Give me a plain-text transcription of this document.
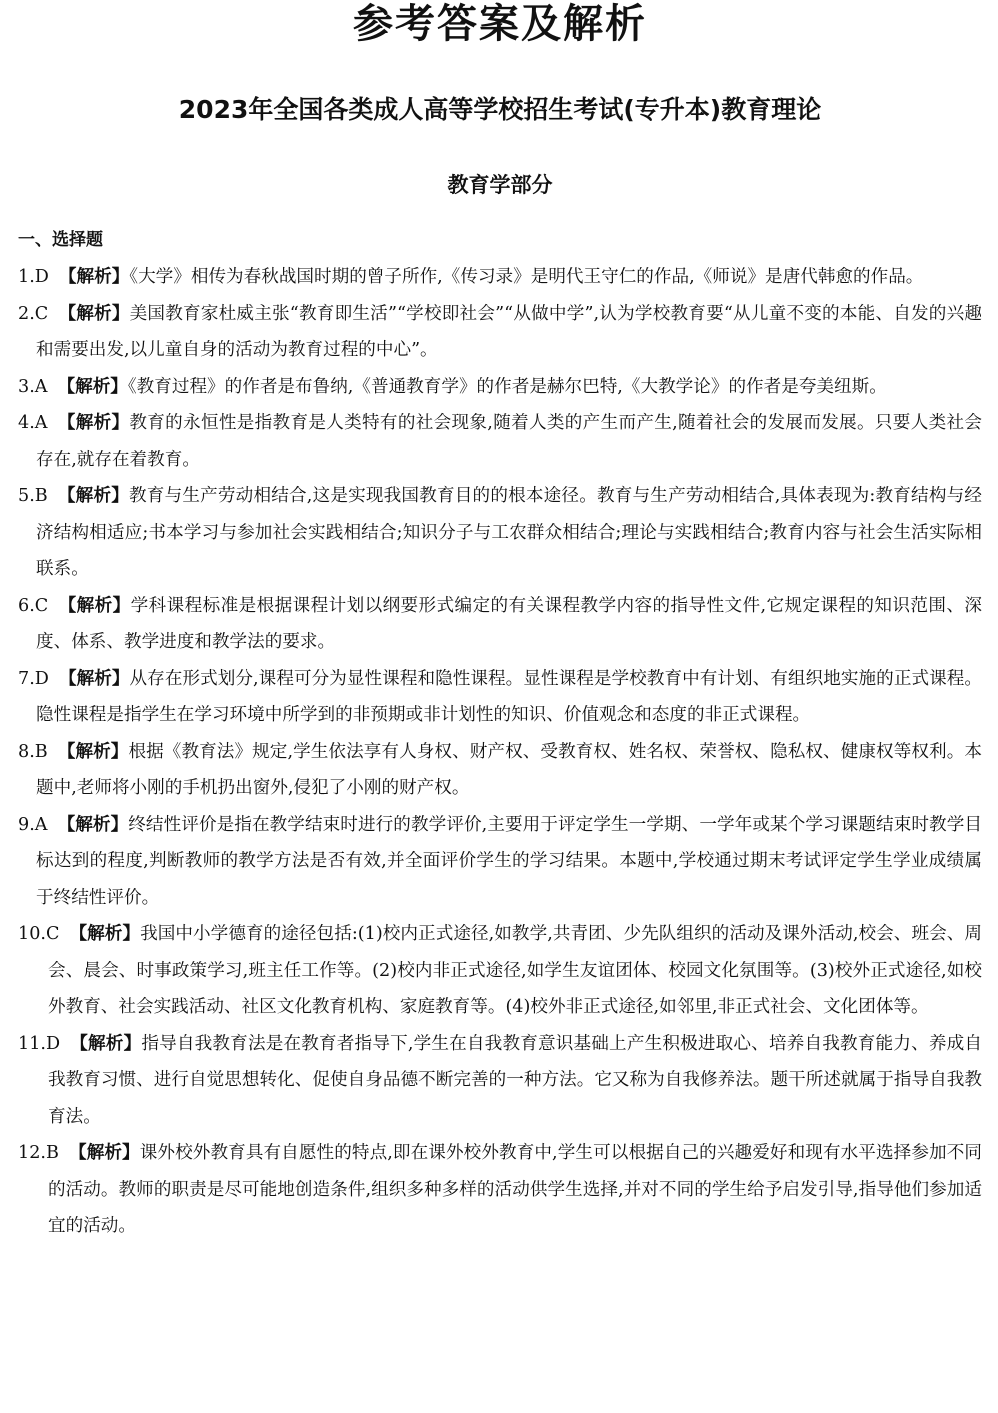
参考答案及解析
2023年全国各类成人高等学校招生考试(专升本)教育理论
教育学部分
一、选择题
1.D 【解析】《大学》相传为春秋战国时期的曾子所作,《传习录》是明代王守仁的作品,《师说》是唐代韩愈的作品。
2.C 【解析】美国教育家杜威主张“教育即生活”“学校即社会”“从做中学”,认为学校教育要“从儿童不变的本能、自发的兴趣和需要出发,以儿童自身的活动为教育过程的中心”。
3.A 【解析】《教育过程》的作者是布鲁纳,《普通教育学》的作者是赫尔巴特,《大教学论》的作者是夸美纽斯。
4.A 【解析】教育的永恒性是指教育是人类特有的社会现象,随着人类的产生而产生,随着社会的发展而发展。只要人类社会存在,就存在着教育。
5.B 【解析】教育与生产劳动相结合,这是实现我国教育目的的根本途径。教育与生产劳动相结合,具体表现为:教育结构与经济结构相适应;书本学习与参加社会实践相结合;知识分子与工农群众相结合;理论与实践相结合;教育内容与社会生活实际相联系。
6.C 【解析】学科课程标准是根据课程计划以纲要形式编定的有关课程教学内容的指导性文件,它规定课程的知识范围、深度、体系、教学进度和教学法的要求。
7.D 【解析】从存在形式划分,课程可分为显性课程和隐性课程。显性课程是学校教育中有计划、有组织地实施的正式课程。隐性课程是指学生在学习环境中所学到的非预期或非计划性的知识、价值观念和态度的非正式课程。
8.B 【解析】根据《教育法》规定,学生依法享有人身权、财产权、受教育权、姓名权、荣誉权、隐私权、健康权等权利。本题中,老师将小刚的手机扔出窗外,侵犯了小刚的财产权。
9.A 【解析】终结性评价是指在教学结束时进行的教学评价,主要用于评定学生一学期、一学年或某个学习课题结束时教学目标达到的程度,判断教师的教学方法是否有效,并全面评价学生的学习结果。本题中,学校通过期末考试评定学生学业成绩属于终结性评价。
10.C 【解析】我国中小学德育的途径包括:(1)校内正式途径,如教学,共青团、少先队组织的活动及课外活动,校会、班会、周会、晨会、时事政策学习,班主任工作等。(2)校内非正式途径,如学生友谊团体、校园文化氛围等。(3)校外正式途径,如校外教育、社会实践活动、社区文化教育机构、家庭教育等。(4)校外非正式途径,如邻里,非正式社会、文化团体等。
11.D 【解析】指导自我教育法是在教育者指导下,学生在自我教育意识基础上产生积极进取心、培养自我教育能力、养成自我教育习惯、进行自觉思想转化、促使自身品德不断完善的一种方法。它又称为自我修养法。题干所述就属于指导自我教育法。
12.B 【解析】课外校外教育具有自愿性的特点,即在课外校外教育中,学生可以根据自己的兴趣爱好和现有水平选择参加不同的活动。教师的职责是尽可能地创造条件,组织多种多样的活动供学生选择,并对不同的学生给予启发引导,指导他们参加适宜的活动。
